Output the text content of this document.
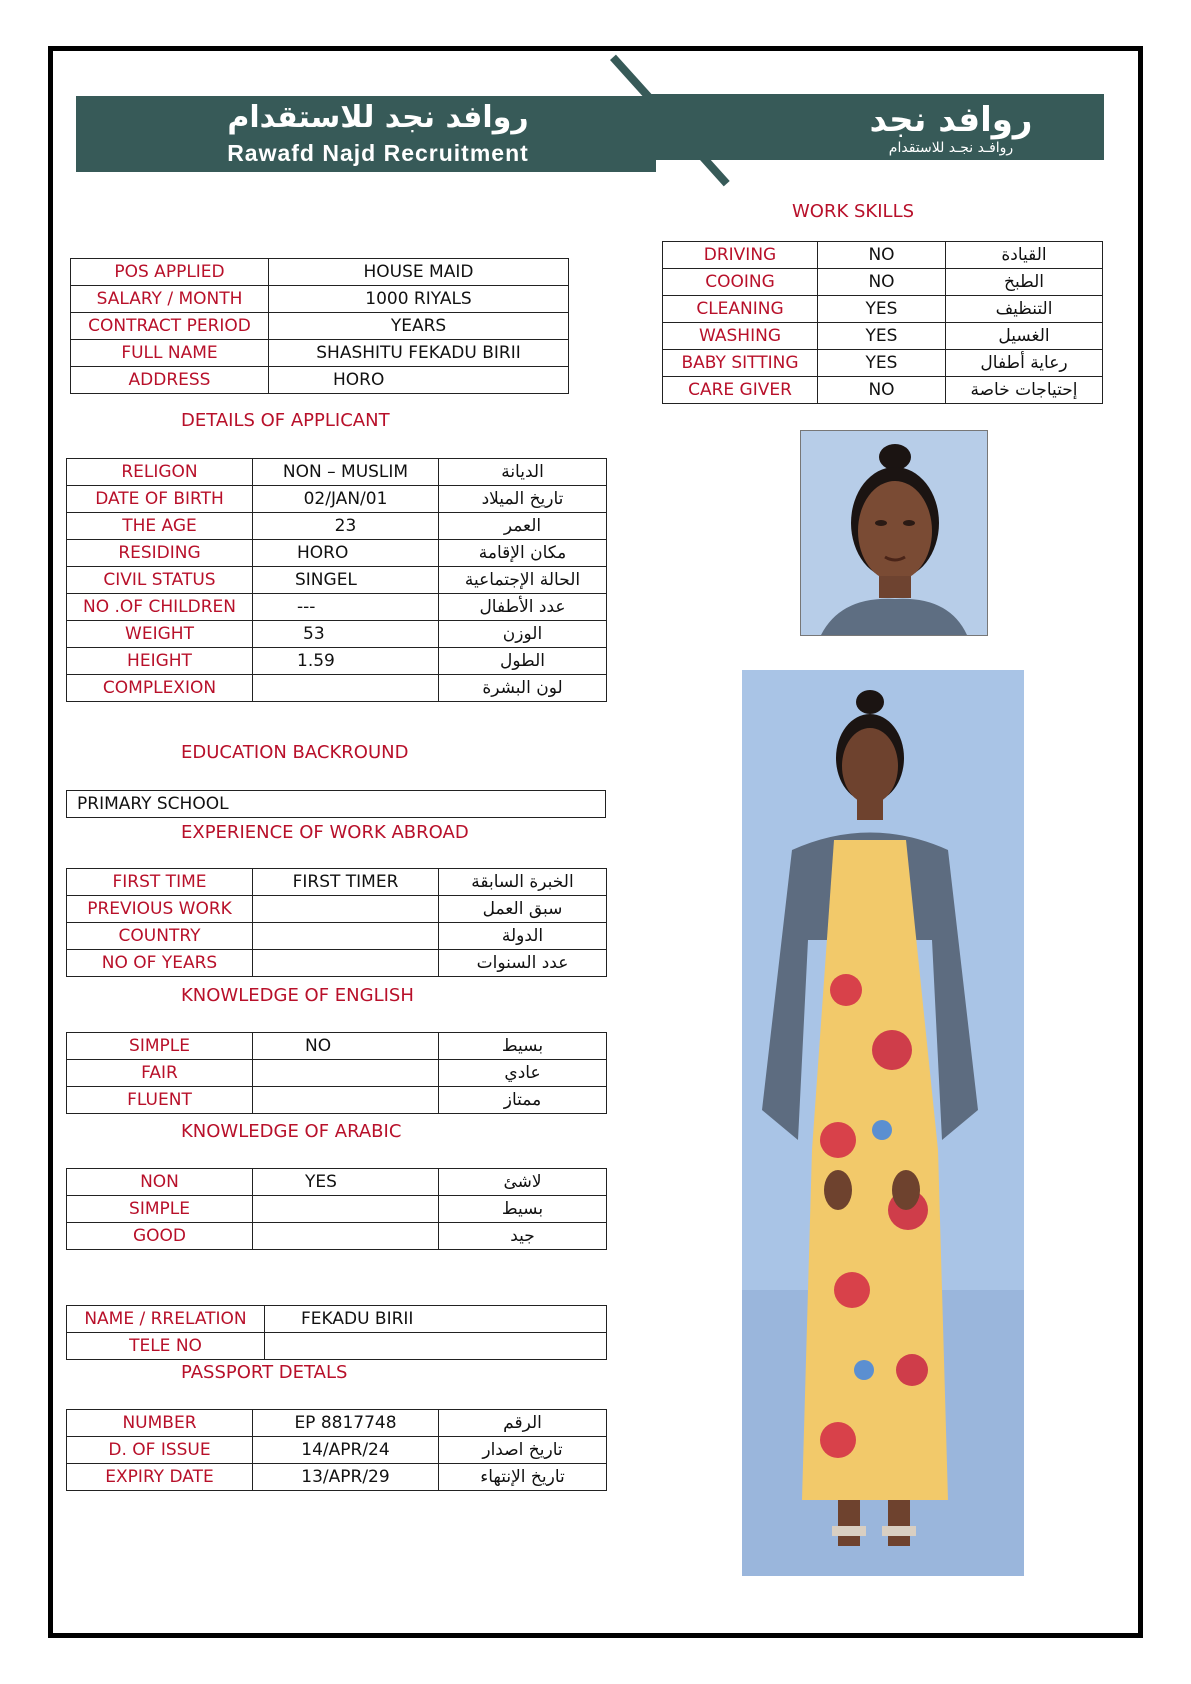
روافد نجد للاستقدام
Rawafd Najd Recruitment
روافد نجد
روافـد نجـد للاستقدام
WORK SKILLS
DRIVING	NO	القيادة
COOING	NO	الطبخ
CLEANING	YES	التنظيف
WASHING	YES	الغسيل
BABY SITTING	YES	رعاية أطفال
CARE GIVER	NO	إحتياجات خاصة
POS APPLIED	HOUSE MAID
SALARY / MONTH	1000 RIYALS
CONTRACT PERIOD	YEARS
FULL NAME	SHASHITU FEKADU BIRII
ADDRESS	HORO
DETAILS OF APPLICANT
RELIGON	NON – MUSLIM	الديانة
DATE OF BIRTH	02/JAN/01	تاريخ الميلاد
THE AGE	23	العمر
RESIDING	HORO	مكان الإقامة
CIVIL STATUS	SINGEL	الحالة الإجتماعية
NO .OF CHILDREN	---	عدد الأطفال
WEIGHT	53	الوزن
HEIGHT	1.59	الطول
COMPLEXION		لون البشرة
EDUCATION BACKROUND
PRIMARY SCHOOL
EXPERIENCE OF WORK ABROAD
FIRST TIME	FIRST TIMER	الخبرة السابقة
PREVIOUS WORK		سبق العمل
COUNTRY		الدولة
NO OF YEARS		عدد السنوات
KNOWLEDGE OF ENGLISH
SIMPLE	NO	بسيط
FAIR		عادي
FLUENT		ممتاز
KNOWLEDGE OF ARABIC
NON	YES	لاشئ
SIMPLE		بسيط
GOOD		جيد
NAME / RRELATION	FEKADU BIRII
TELE NO	
PASSPORT DETALS
NUMBER	EP 8817748	الرقم
D. OF ISSUE	14/APR/24	تاريخ اصدار
EXPIRY DATE	13/APR/29	تاريخ الإنتهاء
